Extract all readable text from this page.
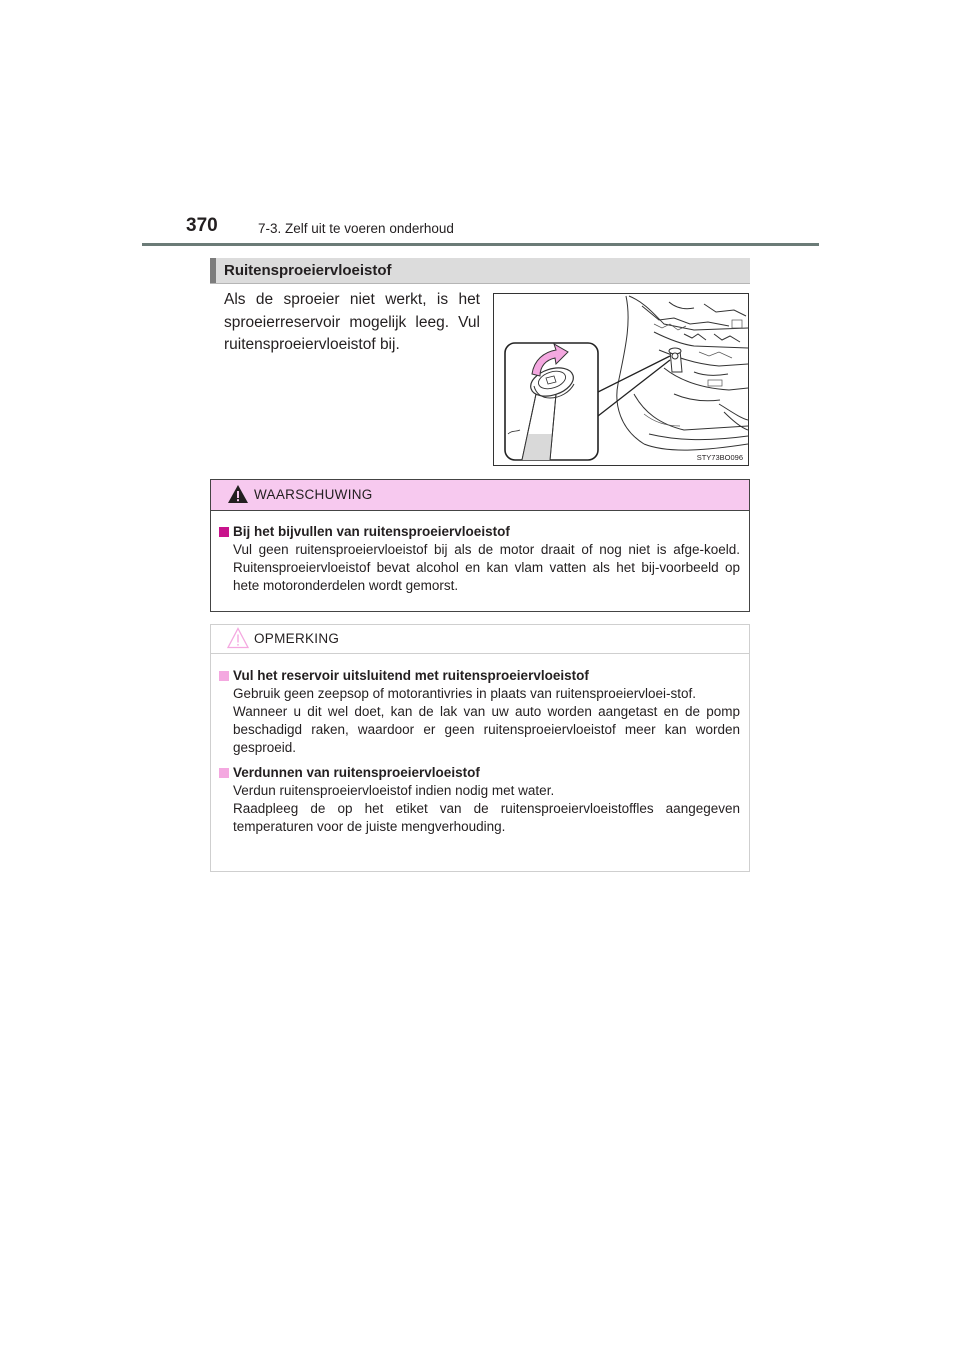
370	7-3. Zelf uit te voeren onderhoud
Ruitensproeiervloeistof
Als de sproeier niet werkt, is het sproeierreservoir mogelijk leeg. Vul ruitensproeiervloeistof bij.
STY73BO096
WAARSCHUWING
Bij het bijvullen van ruitensproeiervloeistof

Vul geen ruitensproeiervloeistof bij als de motor draait of nog niet is afge-koeld. Ruitensproeiervloeistof bevat alcohol en kan vlam vatten als het bij-voorbeeld op hete motoronderdelen wordt gemorst.

OPMERKING
Vul het reservoir uitsluitend met ruitensproeiervloeistof

Gebruik geen zeepsop of motorantivries in plaats van ruitensproeiervloei-stof.

Wanneer u dit wel doet, kan de lak van uw auto worden aangetast en de pomp beschadigd raken, waardoor er geen ruitensproeiervloeistof meer kan worden gesproeid.

Verdunnen van ruitensproeiervloeistof

Verdun ruitensproeiervloeistof indien nodig met water.

Raadpleeg de op het etiket van de ruitensproeiervloeistoffles aangegeven temperaturen voor de juiste mengverhouding.
